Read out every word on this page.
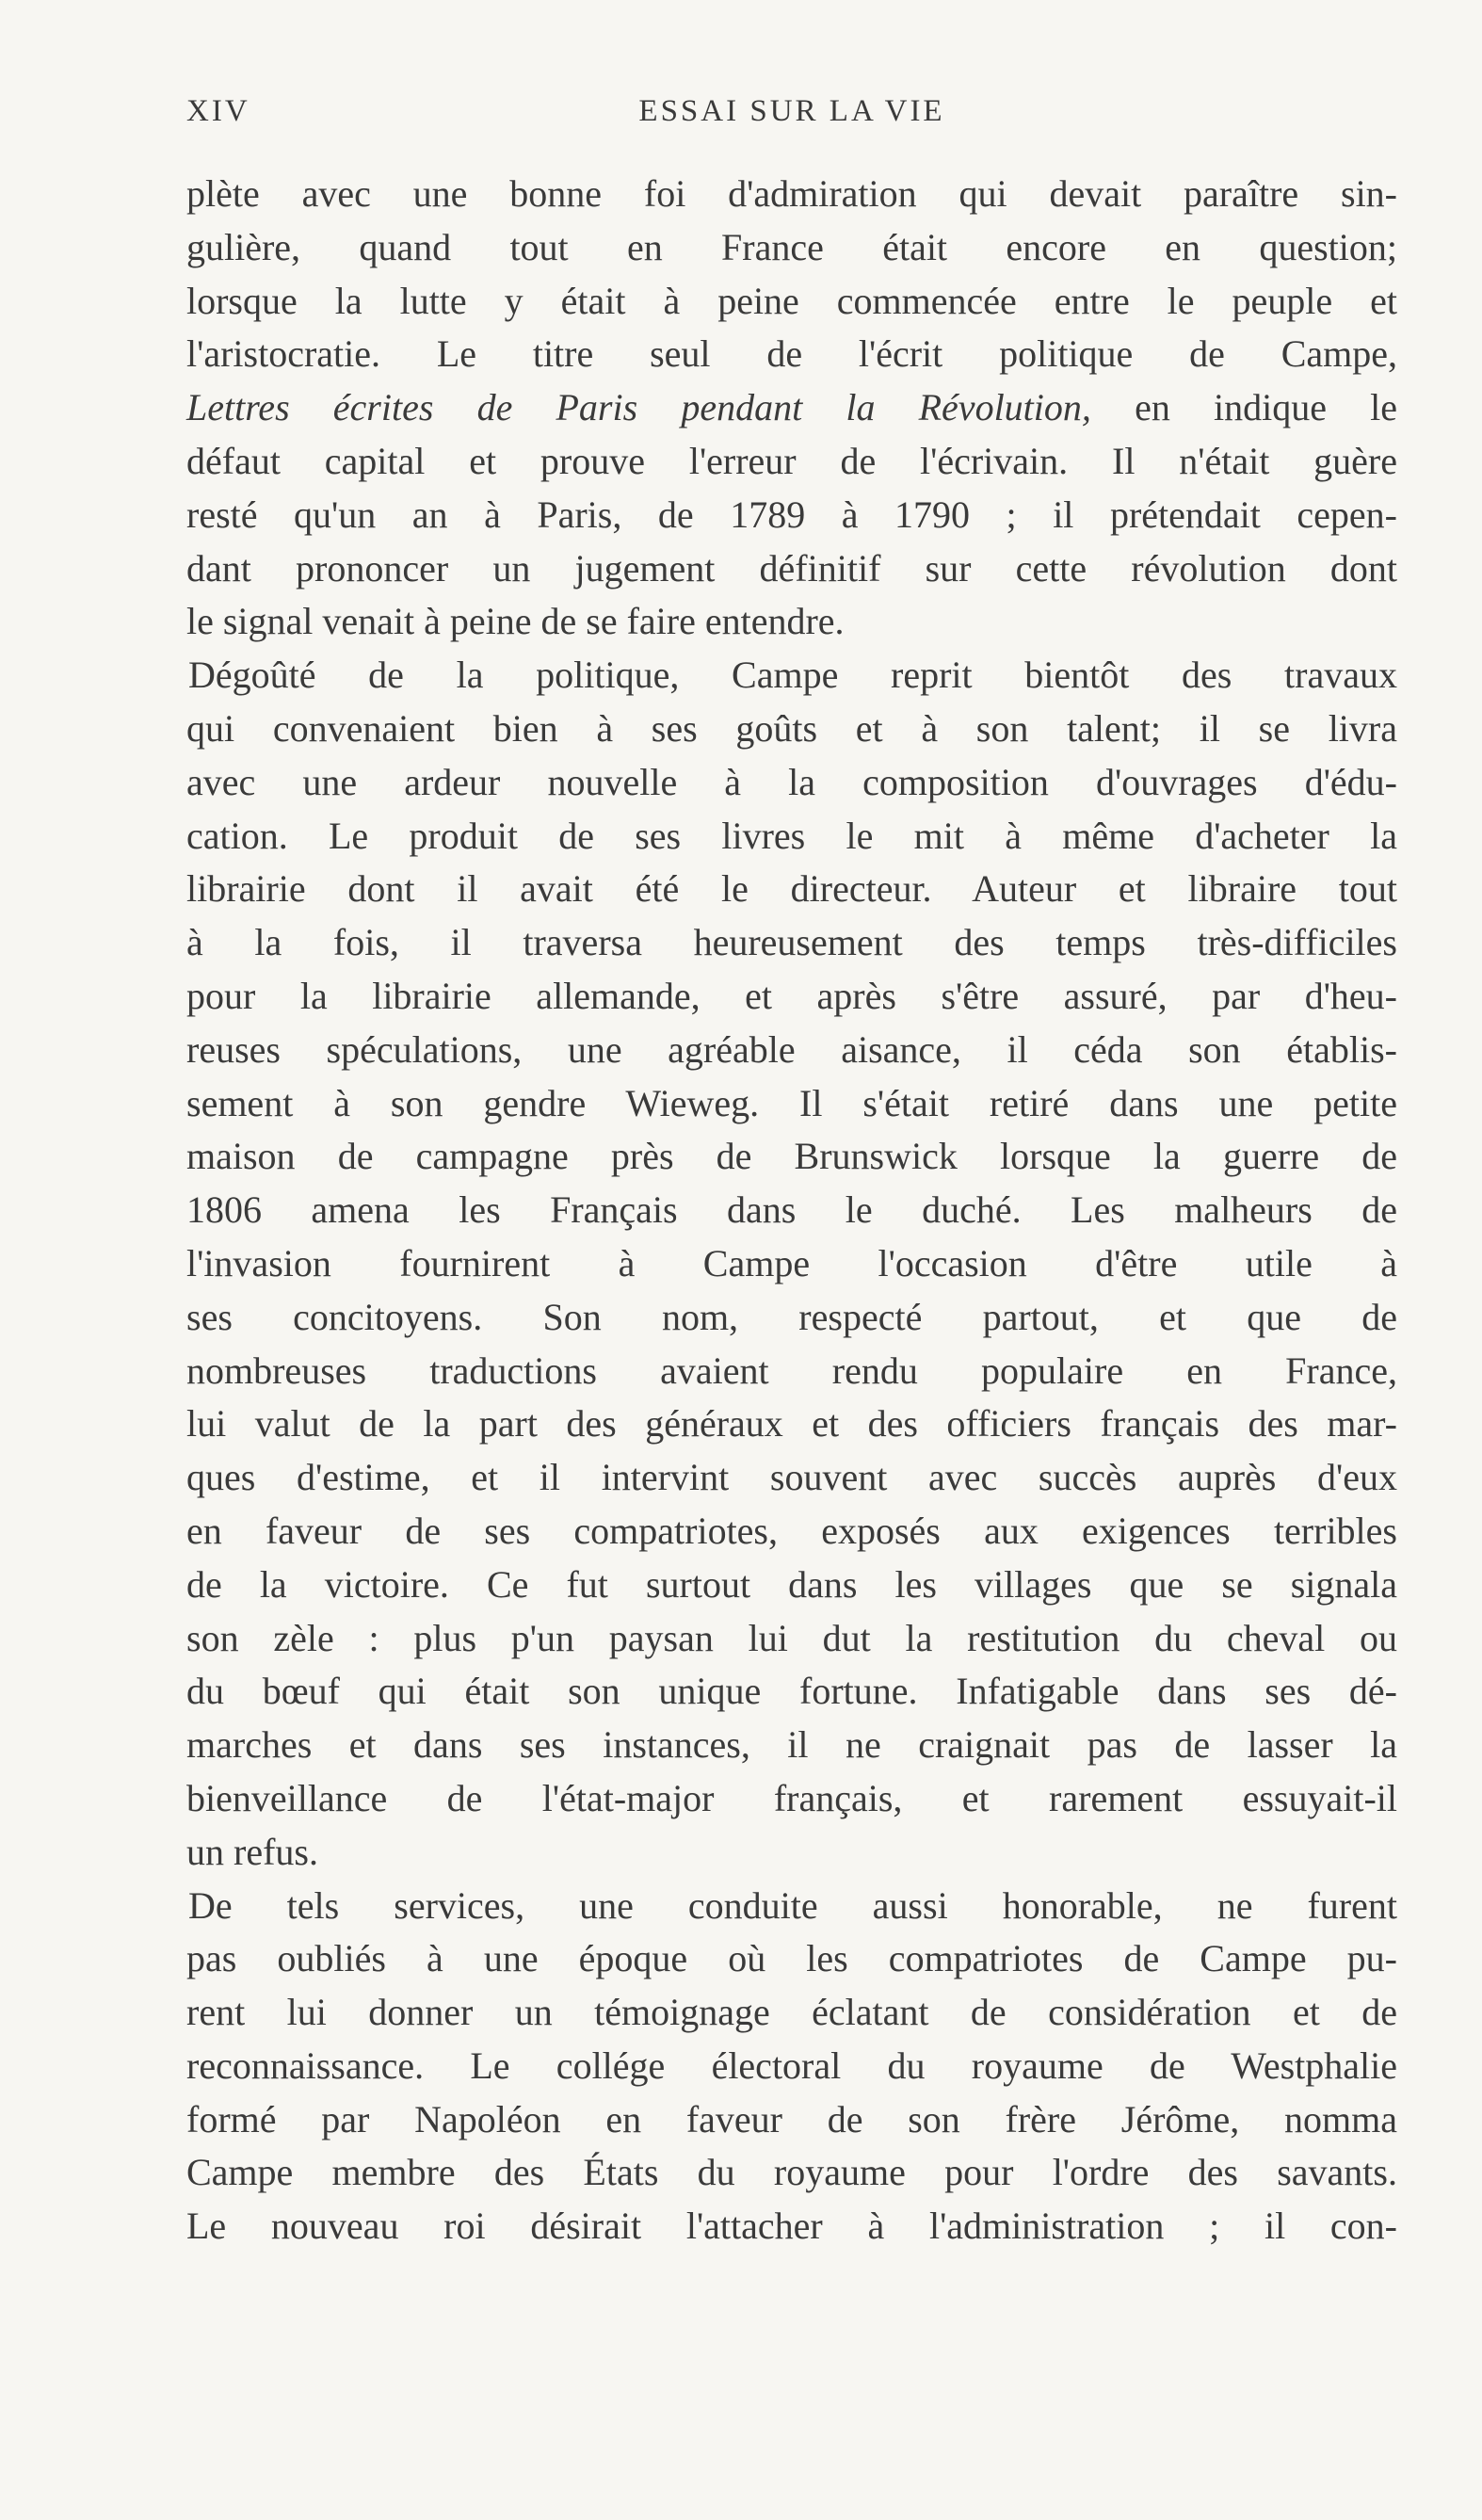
XIV	ESSAI SUR LA VIE
plète avec une bonne foi d'admiration qui devait paraître sin-
gulière, quand tout en France était encore en question;
lorsque la lutte y était à peine commencée entre le peuple et
l'aristocratie. Le titre seul de l'écrit politique de Campe,
Lettres écrites de Paris pendant la Révolution, en indique le
défaut capital et prouve l'erreur de l'écrivain. Il n'était guère
resté qu'un an à Paris, de 1789 à 1790 ; il prétendait cepen-
dant prononcer un jugement définitif sur cette révolution dont
le signal venait à peine de se faire entendre.
Dégoûté de la politique, Campe reprit bientôt des travaux
qui convenaient bien à ses goûts et à son talent; il se livra
avec une ardeur nouvelle à la composition d'ouvrages d'édu-
cation. Le produit de ses livres le mit à même d'acheter la
librairie dont il avait été le directeur. Auteur et libraire tout
à la fois, il traversa heureusement des temps très-difficiles
pour la librairie allemande, et après s'être assuré, par d'heu-
reuses spéculations, une agréable aisance, il céda son établis-
sement à son gendre Wieweg. Il s'était retiré dans une petite
maison de campagne près de Brunswick lorsque la guerre de
1806 amena les Français dans le duché. Les malheurs de
l'invasion fournirent à Campe l'occasion d'être utile à
ses concitoyens. Son nom, respecté partout, et que de
nombreuses traductions avaient rendu populaire en France,
lui valut de la part des généraux et des officiers français des mar-
ques d'estime, et il intervint souvent avec succès auprès d'eux
en faveur de ses compatriotes, exposés aux exigences terribles
de la victoire. Ce fut surtout dans les villages que se signala
son zèle : plus p'un paysan lui dut la restitution du cheval ou
du bœuf qui était son unique fortune. Infatigable dans ses dé-
marches et dans ses instances, il ne craignait pas de lasser la
bienveillance de l'état-major français, et rarement essuyait-il
un refus.
De tels services, une conduite aussi honorable, ne furent
pas oubliés à une époque où les compatriotes de Campe pu-
rent lui donner un témoignage éclatant de considération et de
reconnaissance. Le collége électoral du royaume de Westphalie
formé par Napoléon en faveur de son frère Jérôme, nomma
Campe membre des États du royaume pour l'ordre des savants.
Le nouveau roi désirait l'attacher à l'administration ; il con-
